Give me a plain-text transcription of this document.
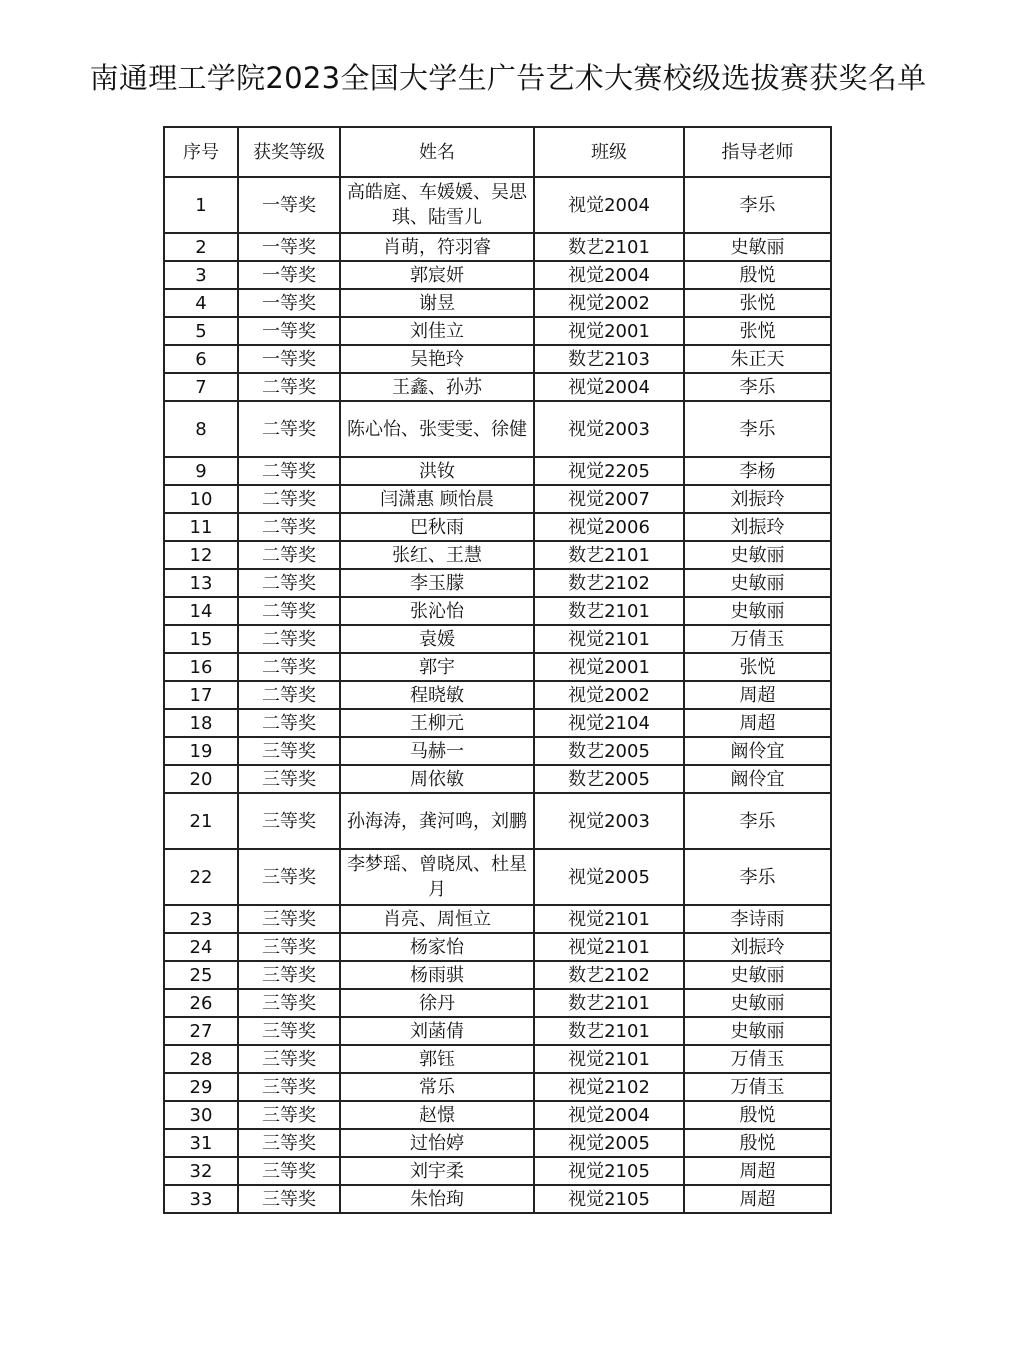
南通理工学院2023全国大学生广告艺术大赛校级选拔赛获奖名单
序号	获奖等级	姓名	班级	指导老师
1	一等奖	高皓庭、车媛媛、吴思琪、陆雪儿	视觉2004	李乐
2	一等奖	肖萌，符羽睿	数艺2101	史敏丽
3	一等奖	郭宸妍	视觉2004	殷悦
4	一等奖	谢昱	视觉2002	张悦
5	一等奖	刘佳立	视觉2001	张悦
6	一等奖	吴艳玲	数艺2103	朱正天
7	二等奖	王鑫、孙苏	视觉2004	李乐
8	二等奖	陈心怡、张雯雯、徐健	视觉2003	李乐
9	二等奖	洪钕	视觉2205	李杨
10	二等奖	闫潇惠 顾怡晨	视觉2007	刘振玲
11	二等奖	巴秋雨	视觉2006	刘振玲
12	二等奖	张红、王慧	数艺2101	史敏丽
13	二等奖	李玉朦	数艺2102	史敏丽
14	二等奖	张沁怡	数艺2101	史敏丽
15	二等奖	袁媛	视觉2101	万倩玉
16	二等奖	郭宇	视觉2001	张悦
17	二等奖	程晓敏	视觉2002	周超
18	二等奖	王柳元	视觉2104	周超
19	三等奖	马赫一	数艺2005	阚伶宜
20	三等奖	周依敏	数艺2005	阚伶宜
21	三等奖	孙海涛，龚河鸣，刘鹏	视觉2003	李乐
22	三等奖	李梦瑶、曾晓凤、杜星月	视觉2005	李乐
23	三等奖	肖亮、周恒立	视觉2101	李诗雨
24	三等奖	杨家怡	视觉2101	刘振玲
25	三等奖	杨雨骐	数艺2102	史敏丽
26	三等奖	徐丹	数艺2101	史敏丽
27	三等奖	刘菡倩	数艺2101	史敏丽
28	三等奖	郭钰	视觉2101	万倩玉
29	三等奖	常乐	视觉2102	万倩玉
30	三等奖	赵憬	视觉2004	殷悦
31	三等奖	过怡婷	视觉2005	殷悦
32	三等奖	刘宇柔	视觉2105	周超
33	三等奖	朱怡珣	视觉2105	周超
